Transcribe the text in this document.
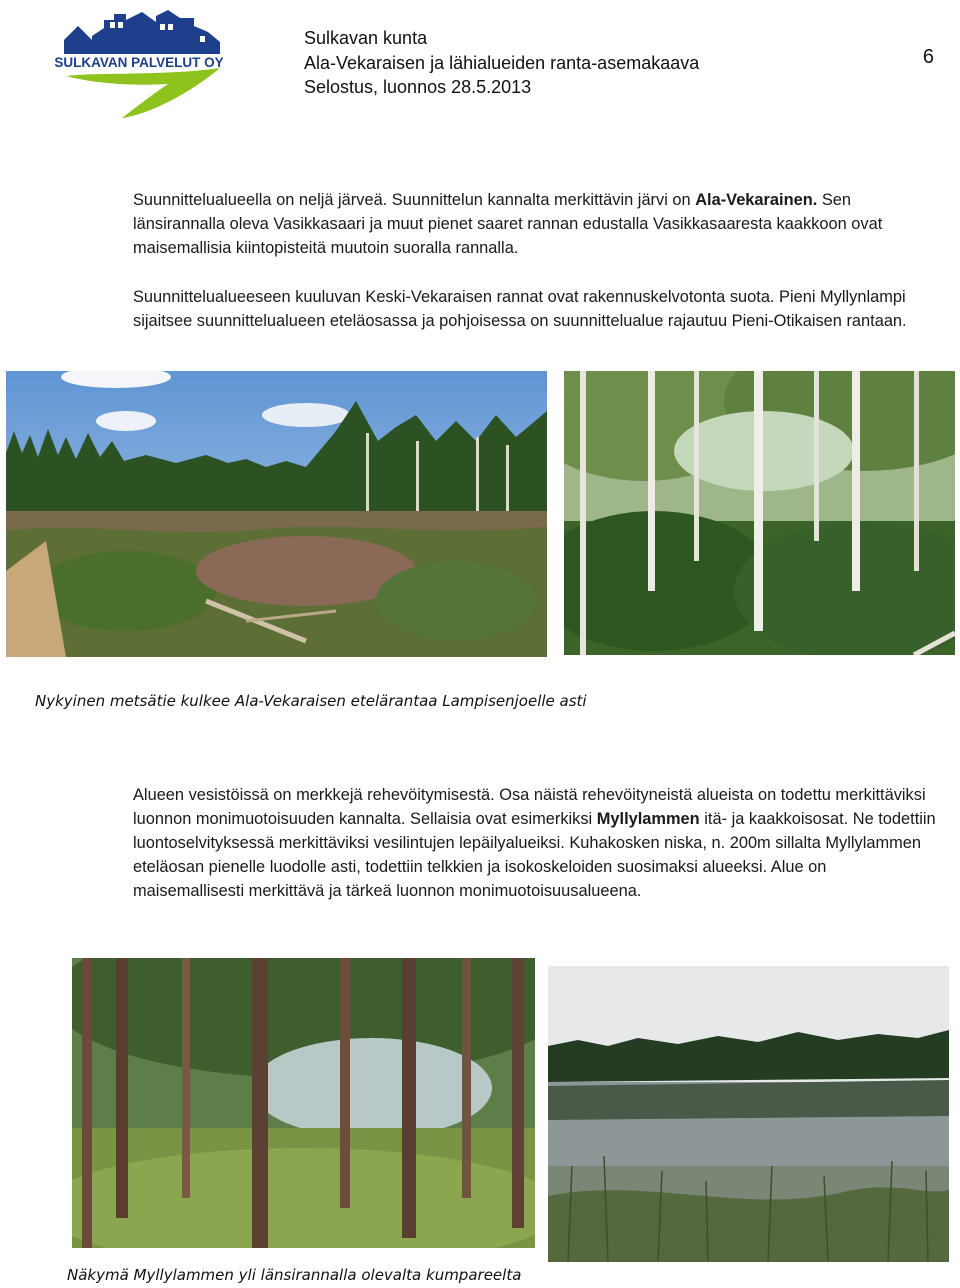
SULKAVAN PALVELUT OY
Sulkavan kunta
Ala-Vekaraisen ja lähialueiden ranta-asemakaava
Selostus, luonnos 28.5.2013
6
Suunnittelualueella on neljä järveä. Suunnittelun kannalta merkittävin järvi on Ala-Vekarainen. Sen länsirannalla oleva Vasikkasaari ja muut pienet saaret rannan edustalla Vasikkasaaresta kaakkoon ovat maisemallisia kiintopisteitä muutoin suoralla rannalla.
Suunnittelualueeseen kuuluvan Keski-Vekaraisen rannat ovat rakennuskelvotonta suota. Pieni Myllynlampi sijaitsee suunnittelualueen eteläosassa ja pohjoisessa on suunnittelualue rajautuu Pieni-Otikaisen rantaan.
Nykyinen metsätie kulkee Ala-Vekaraisen etelärantaa Lampisenjoelle asti
Alueen vesistöissä on merkkejä rehevöitymisestä. Osa näistä rehevöityneistä alueista on todettu merkittäviksi luonnon monimuotoisuuden kannalta. Sellaisia ovat esimerkiksi Myllylammen itä- ja kaakkoisosat. Ne todettiin luontoselvityksessä merkittäviksi vesilintujen lepäilyalueiksi. Kuhakosken niska, n. 200m sillalta Myllylammen eteläosan pienelle luodolle asti, todettiin telkkien ja isokoskeloiden suosimaksi alueeksi. Alue on maisemallisesti merkittävä ja tärkeä luonnon monimuotoisuusalueena.
Näkymä Myllylammen yli länsirannalla olevalta kumpareelta
